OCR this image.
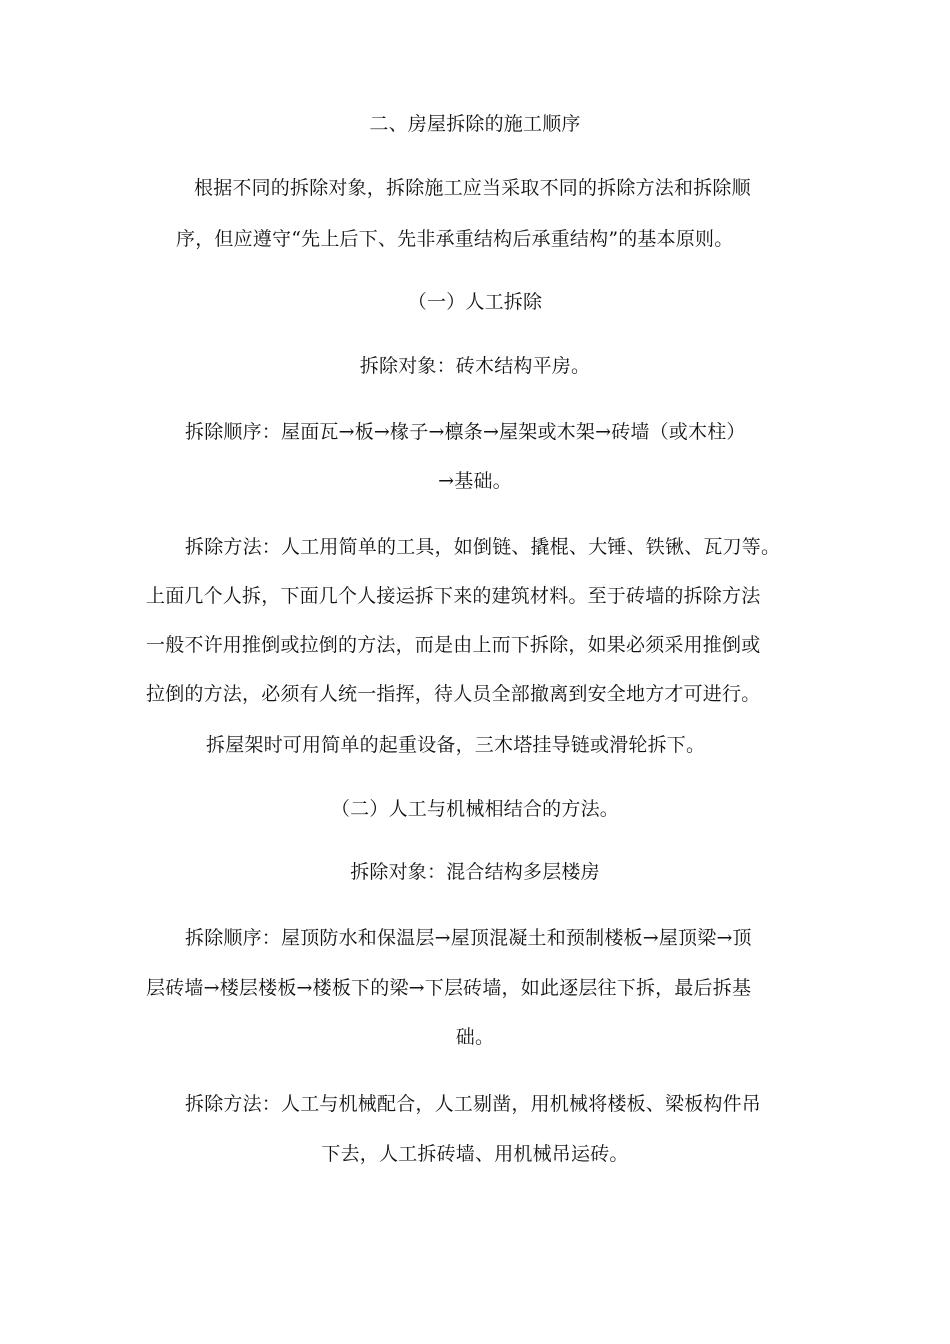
二、房屋拆除的施工顺序
根据不同的拆除对象，拆除施工应当采取不同的拆除方法和拆除顺
序，但应遵守“先上后下、先非承重结构后承重结构”的基本原则。
（一）人工拆除
拆除对象：砖木结构平房。
拆除顺序：屋面瓦→板→椽子→檩条→屋架或木架→砖墙（或木柱）
→基础。
拆除方法：人工用简单的工具，如倒链、撬棍、大锤、铁锹、瓦刀等。
上面几个人拆，下面几个人接运拆下来的建筑材料。至于砖墙的拆除方法
一般不许用推倒或拉倒的方法，而是由上而下拆除，如果必须采用推倒或
拉倒的方法，必须有人统一指挥，待人员全部撤离到安全地方才可进行。
拆屋架时可用简单的起重设备，三木塔挂导链或滑轮拆下。
（二）人工与机械相结合的方法。
拆除对象：混合结构多层楼房
拆除顺序：屋顶防水和保温层→屋顶混凝土和预制楼板→屋顶梁→顶
层砖墙→楼层楼板→楼板下的梁→下层砖墙，如此逐层往下拆，最后拆基
础。
拆除方法：人工与机械配合，人工剔凿，用机械将楼板、梁板构件吊
下去，人工拆砖墙、用机械吊运砖。
